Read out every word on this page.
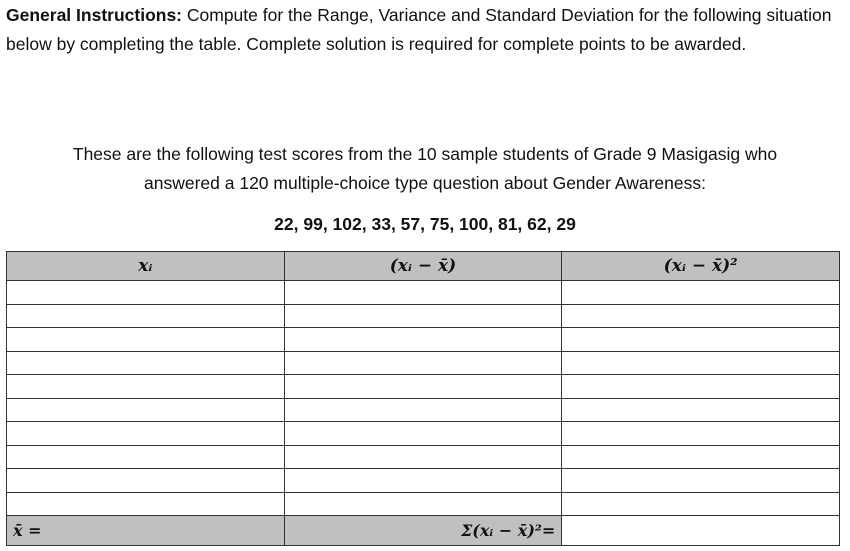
General Instructions: Compute for the Range, Variance and Standard Deviation for the following situation below by completing the table. Complete solution is required for complete points to be awarded.
These are the following test scores from the 10 sample students of Grade 9 Masigasig who
answered a 120 multiple-choice type question about Gender Awareness:
22, 99, 102, 33, 57, 75, 100, 81, 62, 29
xᵢ	(xᵢ − x̄)	(xᵢ − x̄)²

x̄ =	Σ(xᵢ − x̄)²=	
